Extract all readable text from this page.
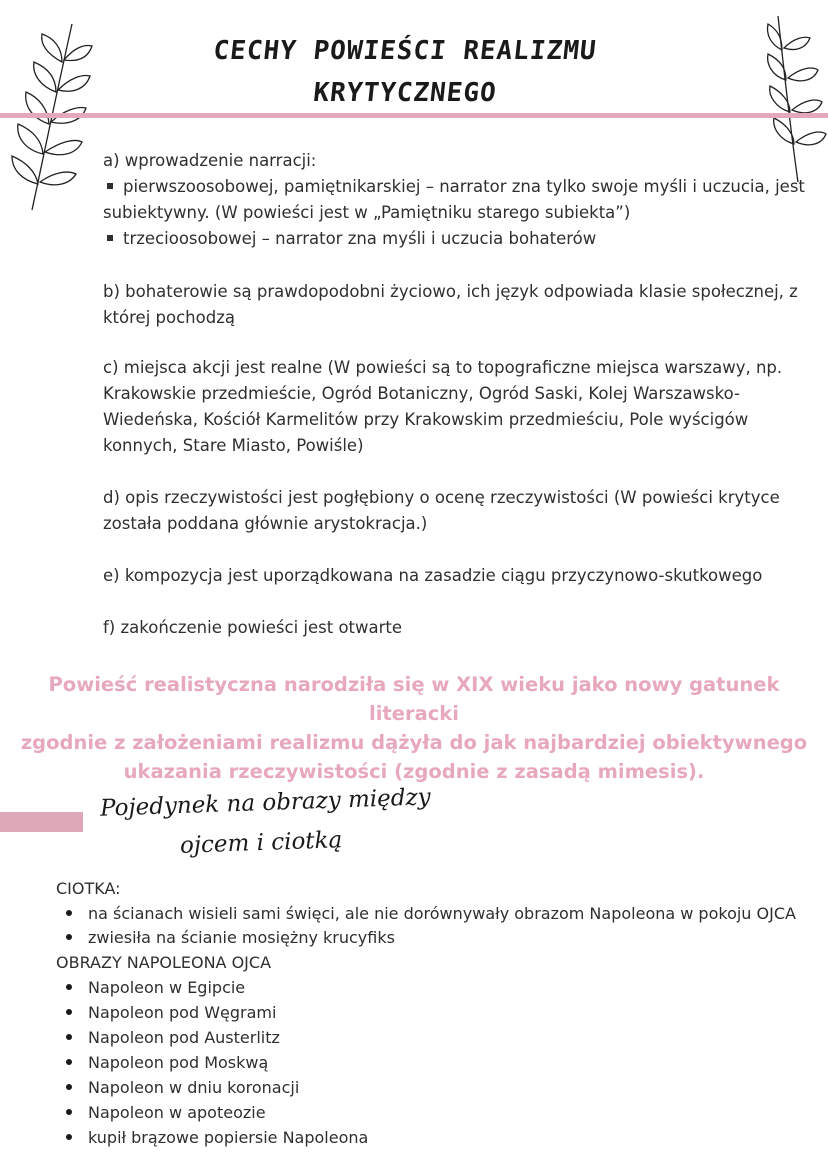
CECHY POWIEŚCI REALIZMU
KRYTYCZNEGO

a) wprowadzenie narracji:

pierwszoosobowej, pamiętnikarskiej – narrator zna tylko swoje myśli i uczucia, jest

subiektywny. (W powieści jest w „Pamiętniku starego subiekta”)

trzecioosobowej – narrator zna myśli i uczucia bohaterów

b) bohaterowie są prawdopodobni życiowo, ich język odpowiada klasie społecznej, z

której pochodzą

c) miejsca akcji jest realne (W powieści są to topograficzne miejsca warszawy, np.

Krakowskie przedmieście, Ogród Botaniczny, Ogród Saski, Kolej Warszawsko-

Wiedeńska, Kościół Karmelitów przy Krakowskim przedmieściu, Pole wyścigów

konnych, Stare Miasto, Powiśle)

d) opis rzeczywistości jest pogłębiony o ocenę rzeczywistości (W powieści krytyce

została poddana głównie arystokracja.)

e) kompozycja jest uporządkowana na zasadzie ciągu przyczynowo-skutkowego

f) zakończenie powieści jest otwarte

Powieść realistyczna narodziła się w XIX wieku jako nowy gatunek literacki
zgodnie z założeniami realizmu dążyła do jak najbardziej obiektywnego
ukazania rzeczywistości (zgodnie z zasadą mimesis).
Pojedynek na obrazy między
ojcem i ciotką
CIOTKA:
na ścianach wisieli sami święci, ale nie dorównywały obrazom Napoleona w pokoju OJCA
zwiesiła na ścianie mosiężny krucyfiks
OBRAZY NAPOLEONA OJCA
Napoleon w Egipcie
Napoleon pod Węgrami
Napoleon pod Austerlitz
Napoleon pod Moskwą
Napoleon w dniu koronacji
Napoleon w apoteozie
kupił brązowe popiersie Napoleona
